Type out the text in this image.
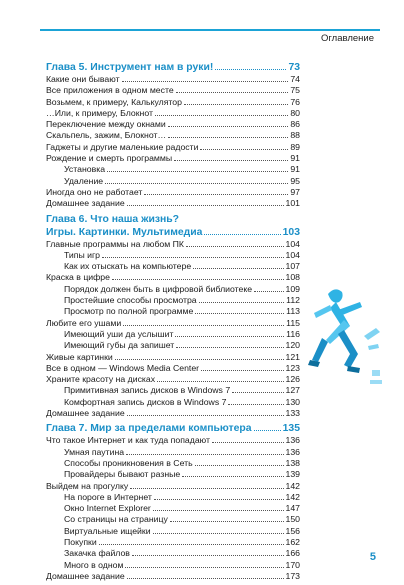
Оглавление
Глава 5. Инструмент нам в руки!	73
Какие они бывают	74
Все приложения в одном месте	75
Возьмем, к примеру, Калькулятор	76
…Или, к примеру, Блокнот	80
Переключение между окнами	86
Скальпель, зажим, Блокнот…	88
Гаджеты и другие маленькие радости	89
Рождение и смерть программы	91
Установка	91
Удаление	95
Иногда оно не работает	97
Домашнее задание	101
Глава 6. Что наша жизнь?
Игры. Картинки. Мультимедиа	103
Главные программы на любом ПК	104
Типы игр	104
Как их отыскать на компьютере	107
Краска в цифре	108
Порядок должен быть в цифровой библиотеке	109
Простейшие способы просмотра	112
Просмотр по полной программе	113
Любите его ушами	115
Имеющий уши да услышит	116
Имеющий губы да запишет	120
Живые картинки	121
Все в одном — Windows Media Center	123
Храните красоту на дисках	126
Примитивная запись дисков в Windows 7	127
Комфортная запись дисков в Windows 7	130
Домашнее задание	133
Глава 7. Мир за пределами компьютера	135
Что такое Интернет и как туда попадают	136
Умная паутина	136
Способы проникновения в Сеть	138
Провайдеры бывают разные	139
Выйдем на прогулку	142
На пороге в Интернет	142
Окно Internet Explorer	147
Со страницы на страницу	150
Виртуальные ищейки	156
Покупки	162
Закачка файлов	166
Много в одном	170
Домашнее задание	173
5
